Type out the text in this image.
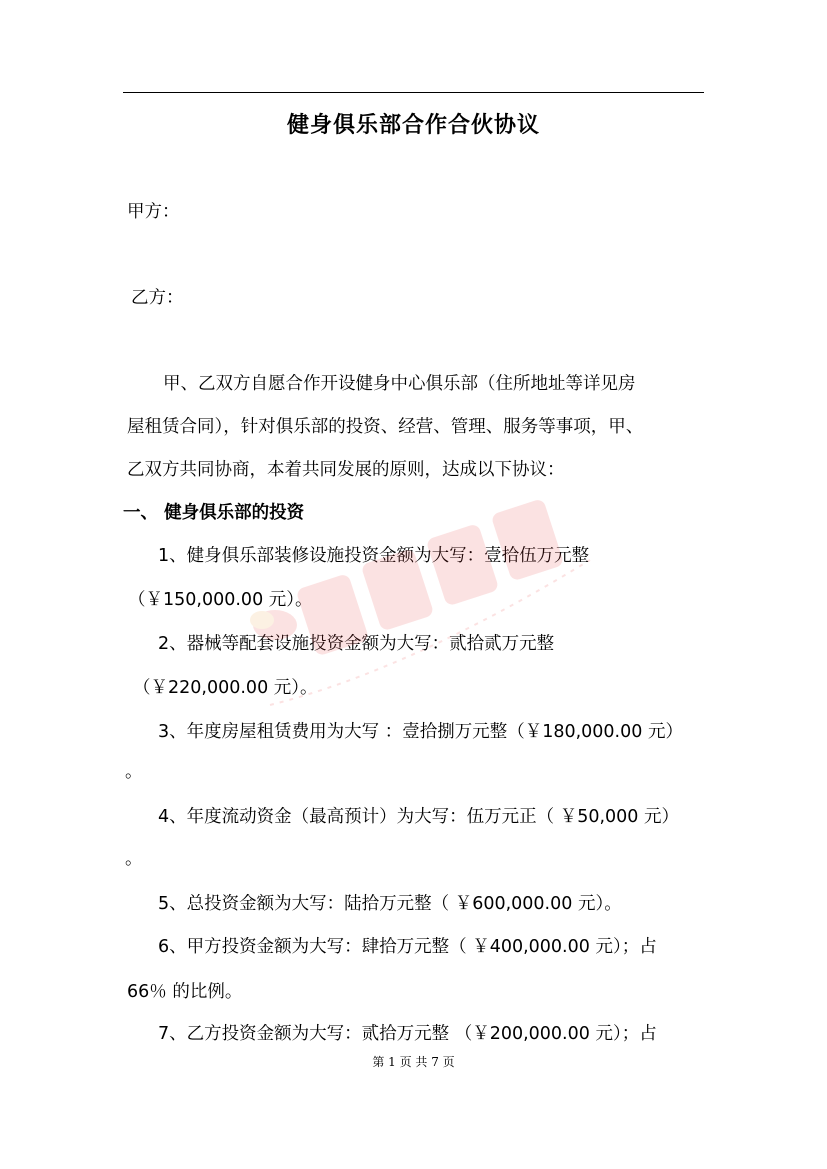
健身俱乐部合作合伙协议
甲方：
乙方：
甲、乙双方自愿合作开设健身中心俱乐部（住所地址等详见房
屋租赁合同），针对俱乐部的投资、经营、管理、服务等事项，甲、
乙双方共同协商，本着共同发展的原则，达成以下协议：
一、 健身俱乐部的投资
1、健身俱乐部装修设施投资金额为大写：壹拾伍万元整
（￥150,000.00 元）。
2、器械等配套设施投资金额为大写：贰拾贰万元整
（￥220,000.00 元）。
3、年度房屋租赁费用为大写 ：壹拾捌万元整（￥180,000.00 元）
。
4、年度流动资金（最高预计）为大写：伍万元正（ ￥50,000 元）
。
5、总投资金额为大写：陆拾万元整（ ￥600,000.00 元）。
6、甲方投资金额为大写：肆拾万元整（ ￥400,000.00 元）；占
66％ 的比例。
7、乙方投资金额为大写：贰拾万元整 （￥200,000.00 元）；占
第 1 页 共 7 页
